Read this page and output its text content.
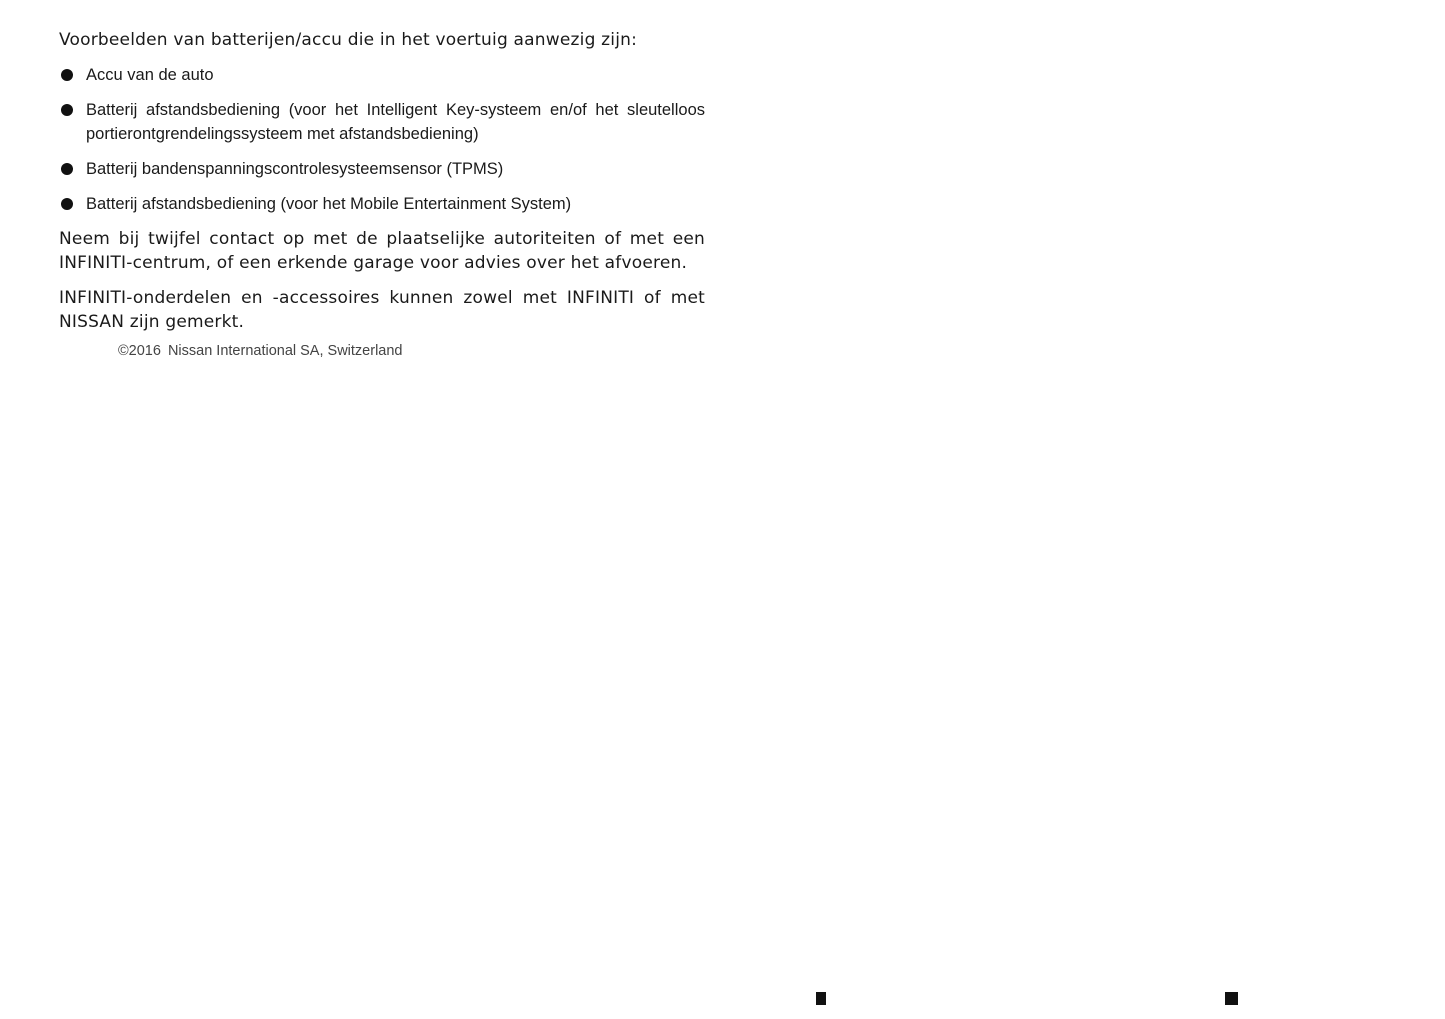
Voorbeelden van batterijen/accu die in het voertuig aanwezig zijn:

Accu van de auto
Batterij afstandsbediening (voor het Intelligent Key-systeem en/of het sleutelloos portierontgrendelingssysteem met afstandsbediening)
Batterij bandenspanningscontrolesysteemsensor (TPMS)
Batterij afstandsbediening (voor het Mobile Entertainment System)

Neem bij twijfel contact op met de plaatselijke autoriteiten of met een INFINITI-centrum, of een erkende garage voor advies over het afvoeren.

INFINITI-onderdelen en -accessoires kunnen zowel met INFINITI of met NISSAN zijn gemerkt.

©2016 Nissan International SA, Switzerland
